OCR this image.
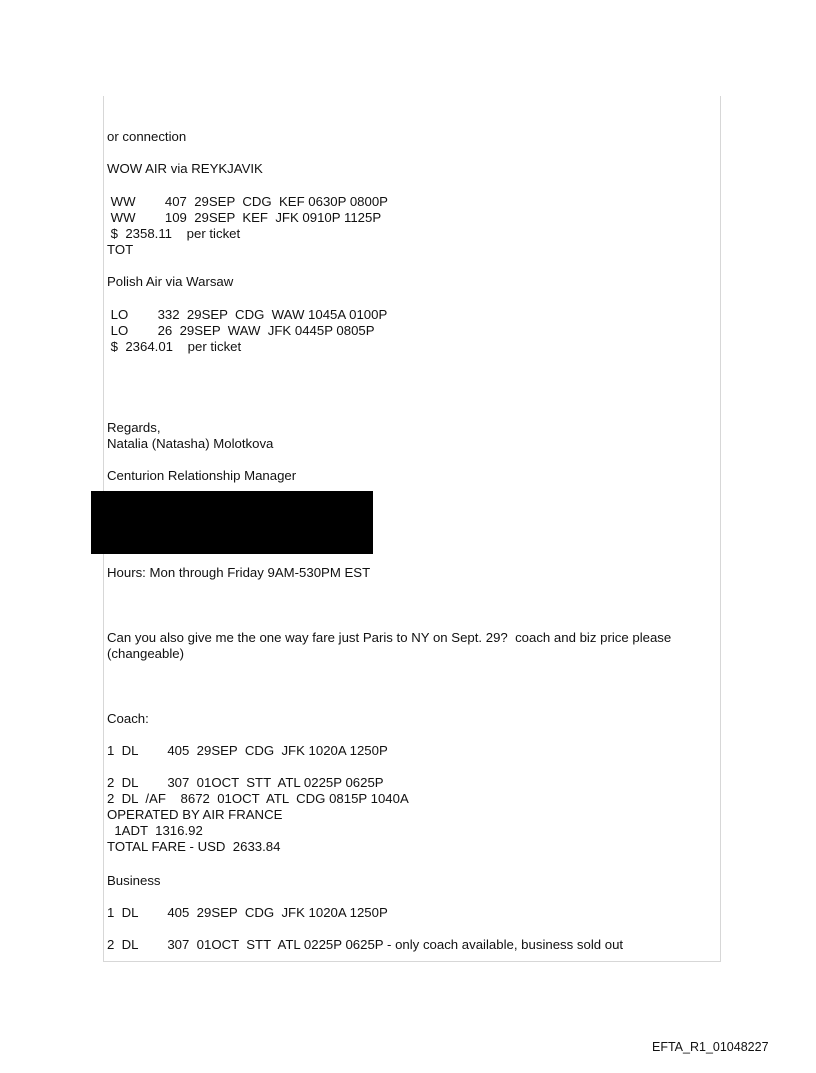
or connection
WOW AIR via REYKJAVIK
WW        407  29SEP  CDG  KEF 0630P 0800P
WW        109  29SEP  KEF  JFK 0910P 1125P
$  2358.11    per ticket
TOT
Polish Air via Warsaw
LO        332  29SEP  CDG  WAW 1045A 0100P
LO        26  29SEP  WAW  JFK 0445P 0805P
$  2364.01    per ticket
Regards,
Natalia (Natasha) Molotkova
Centurion Relationship Manager
Hours: Mon through Friday 9AM-530PM EST
Can you also give me the one way fare just Paris to NY on Sept. 29?  coach and biz price please
(changeable)
Coach:
1  DL        405  29SEP  CDG  JFK 1020A 1250P
2  DL        307  01OCT  STT  ATL 0225P 0625P
2  DL  /AF    8672  01OCT  ATL  CDG 0815P 1040A
OPERATED BY AIR FRANCE
1ADT  1316.92
TOTAL FARE - USD  2633.84
Business
1  DL        405  29SEP  CDG  JFK 1020A 1250P
2  DL        307  01OCT  STT  ATL 0225P 0625P - only coach available, business sold out
EFTA_R1_01048227
